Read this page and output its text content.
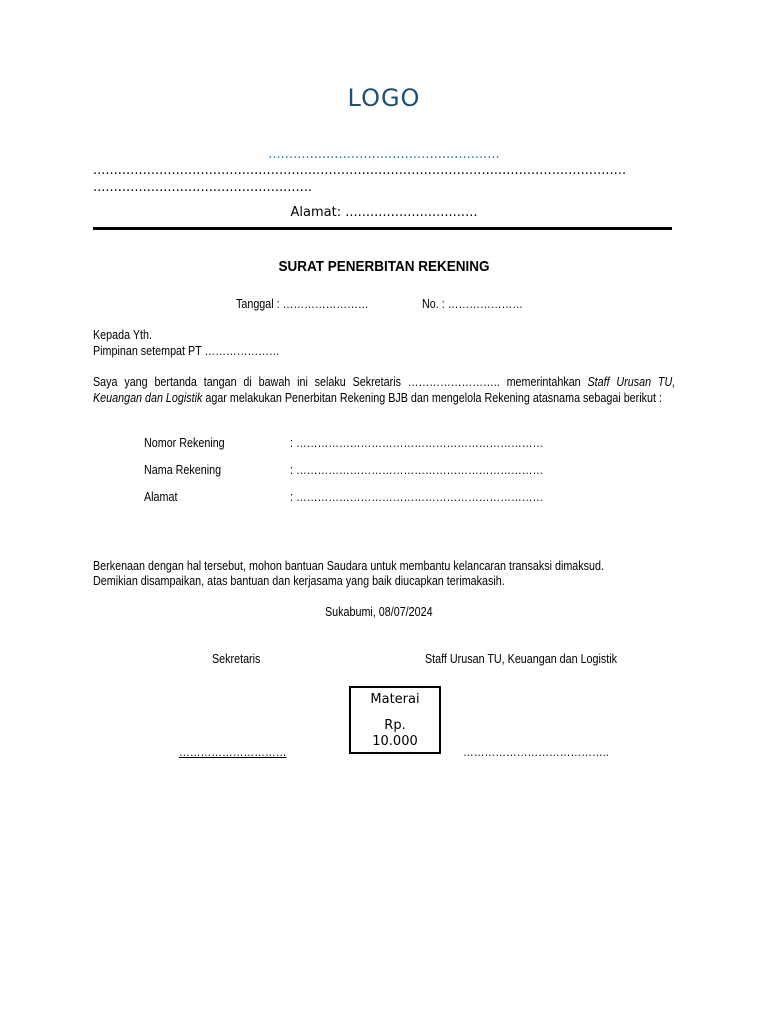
LOGO
........................................................
.................................................................................................................................
.....................................................
Alamat: ................................
SURAT PENERBITAN REKENING
Tanggal : ……………………	No. : …………………
Kepada Yth.
Pimpinan setempat PT …………………
Saya yang bertanda tangan di bawah ini selaku Sekretaris …………………….. memerintahkan Staff Urusan TU, Keuangan dan Logistik agar melakukan Penerbitan Rekening BJB dan mengelola Rekening atasnama sebagai berikut :
Nomor Rekening	: ……………………………………………………………
Nama Rekening	: ……………………………………………………………
Alamat	: ……………………………………………………………
Berkenaan dengan hal tersebut, mohon bantuan Saudara untuk membantu kelancaran transaksi dimaksud.
Demikian disampaikan, atas bantuan dan kerjasama yang baik diucapkan terimakasih.
Sukabumi, 08/07/2024
Sekretaris	Staff Urusan TU, Keuangan dan Logistik
Materai
Rp.
10.000
…………………………	…………………………………..
